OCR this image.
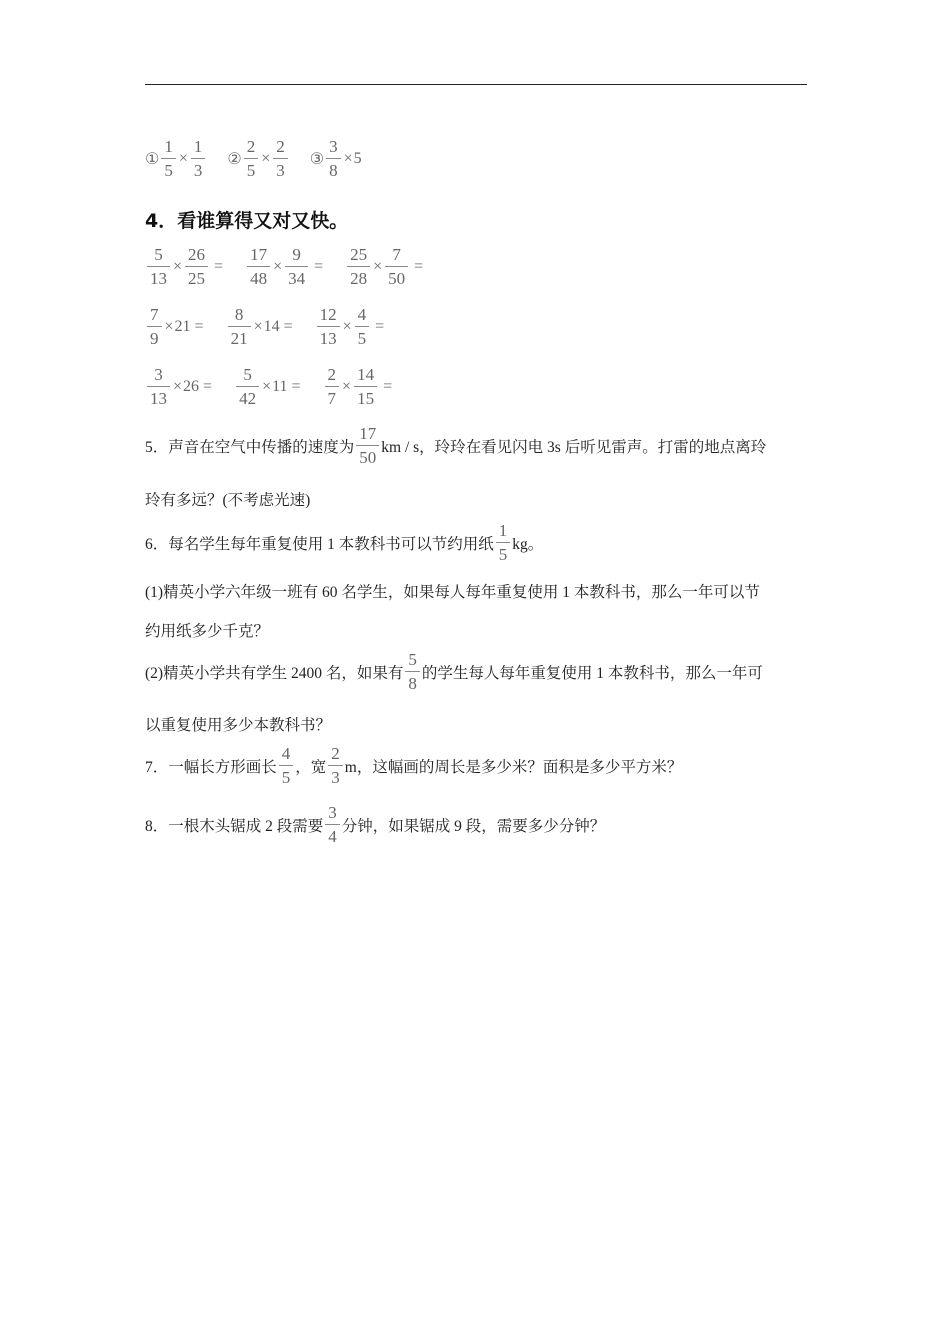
① $\frac{1}{5} \times \frac{1}{3}$ ② $\frac{2}{5} \times \frac{2}{3}$ ③ $\frac{3}{8} \times 5$
4．看谁算得又对又快。
$\frac{5}{13} \times \frac{26}{25} = \frac{17}{48} \times \frac{9}{34} = \frac{25}{28} \times \frac{7}{50}$ =
$\frac{7}{9} \times 21 = \frac{8}{21} \times 14 = \frac{12}{13} \times \frac{4}{5}$ =
$\frac{3}{13} \times 26 = \frac{5}{42} \times 11 = \frac{2}{7} \times \frac{14}{15}$ =
5．声音在空气中传播的速度为 $\frac{17}{50}$ km / s，玲玲在看见闪电 3s 后听见雷声。打雷的地点离玲
玲有多远？(不考虑光速)
6．每名学生每年重复使用 1 本教科书可以节约用纸 $\frac{1}{5}$ kg。
(1)精英小学六年级一班有 60 名学生，如果每人每年重复使用 1 本教科书，那么一年可以节
约用纸多少千克？
(2)精英小学共有学生 2400 名，如果有 $\frac{5}{8}$ 的学生每人每年重复使用 1 本教科书，那么一年可
以重复使用多少本教科书？
7．一幅长方形画长 $\frac{4}{5}$ ，宽 $\frac{2}{3}$ m，这幅画的周长是多少米？面积是多少平方米？
8．一根木头锯成 2 段需要 $\frac{3}{4}$ 分钟，如果锯成 9 段，需要多少分钟？
